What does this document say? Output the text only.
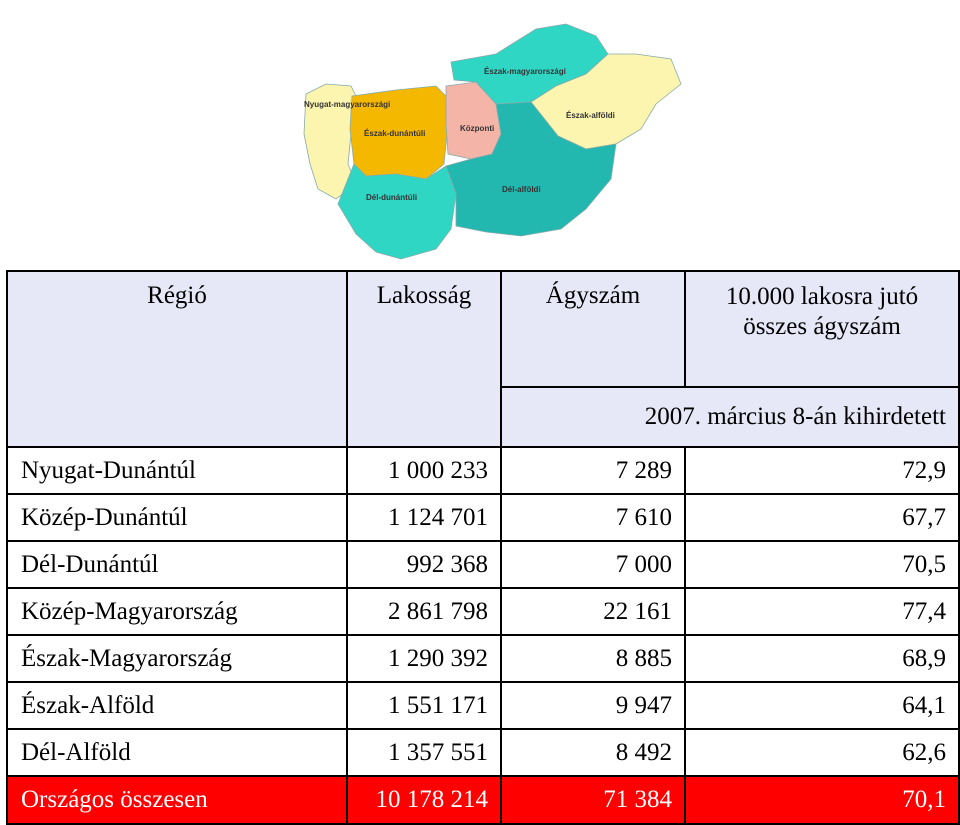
Észak-magyarországi
Nyugat-magyarországi
Észak-dunántúli
Központi
Észak-alföldi
Dél-dunántúli
Dél-alföldi
Régió	Lakosság	Ágyszám	10.000 lakosra jutó
összes ágyszám
		2007. március 8-án kihirdetett	
Nyugat-Dunántúl	1 000 233	7 289	72,9
Közép-Dunántúl	1 124 701	7 610	67,7
Dél-Dunántúl	992 368	7 000	70,5
Közép-Magyarország	2 861 798	22 161	77,4
Észak-Magyarország	1 290 392	8 885	68,9
Észak-Alföld	1 551 171	9 947	64,1
Dél-Alföld	1 357 551	8 492	62,6
Országos összesen	10 178 214	71 384	70,1
